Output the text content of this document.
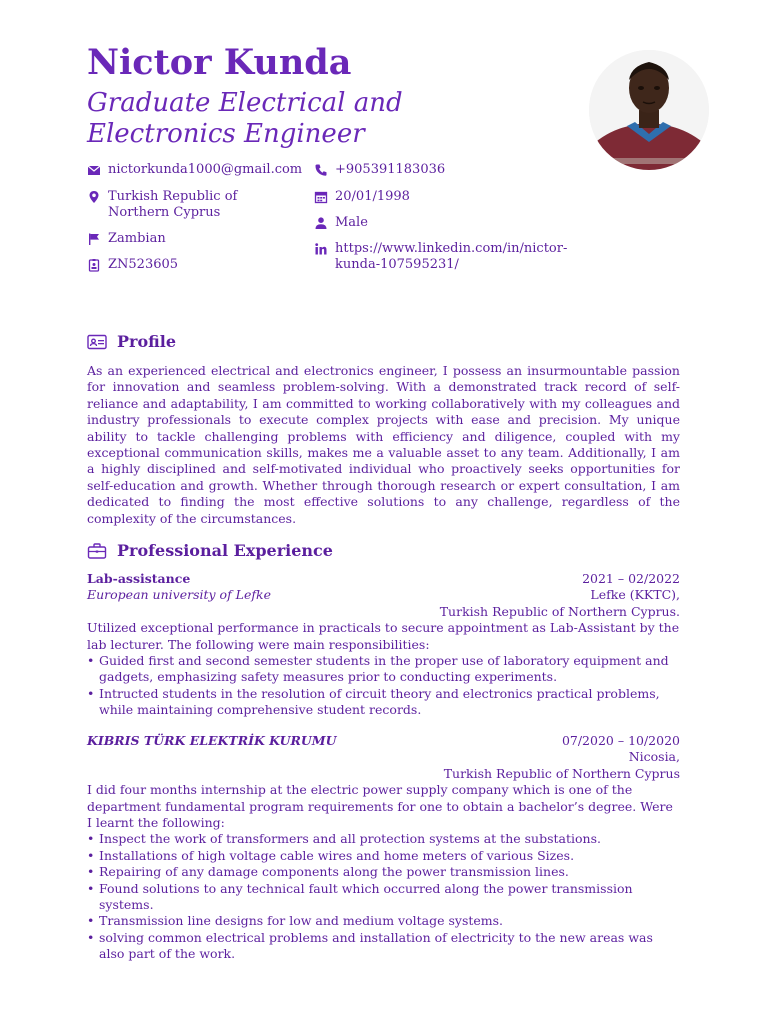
Nictor Kunda
Graduate Electrical and Electronics Engineer
nictorkunda1000@gmail.com
Turkish Republic of Northern Cyprus
Zambian
ZN523605
+905391183036
20/01/1998
Male
https://www.linkedin.com/in/nictor-kunda-107595231/
Profile
As an experienced electrical and electronics engineer, I possess an insurmountable passion for innovation and seamless problem-solving. With a demonstrated track record of self-reliance and adaptability, I am committed to working collaboratively with my colleagues and industry professionals to execute complex projects with ease and precision. My unique ability to tackle challenging problems with efficiency and diligence, coupled with my exceptional communication skills, makes me a valuable asset to any team. Additionally, I am a highly disciplined and self-motivated individual who proactively seeks opportunities for self-education and growth. Whether through thorough research or expert consultation, I am dedicated to finding the most effective solutions to any challenge, regardless of the complexity of the circumstances.
Professional Experience
Lab-assistance	2021 – 02/2022
European university of Lefke	Lefke (KKTC),
Turkish Republic of Northern Cyprus.
Utilized exceptional performance in practicals to secure appointment as Lab-Assistant by the lab lecturer. The following were main responsibilities:
• Guided first and second semester students in the proper use of laboratory equipment and gadgets, emphasizing safety measures prior to conducting experiments.
• Intructed students in the resolution of circuit theory and electronics practical problems, while maintaining comprehensive student records.
KIBRIS TÜRK ELEKTRİK KURUMU	07/2020 – 10/2020
Nicosia,
Turkish Republic of Northern Cyprus
I did four months internship at the electric power supply company which is one of the department fundamental program requirements for one to obtain a bachelor’s degree. Were I learnt the following:
• Inspect the work of transformers and all protection systems at the substations.
• Installations of high voltage cable wires and home meters of various Sizes.
• Repairing of any damage components along the power transmission lines.
• Found solutions to any technical fault which occurred along the power transmission systems.
• Transmission line designs for low and medium voltage systems.
• solving common electrical problems and installation of electricity to the new areas was also part of the work.
